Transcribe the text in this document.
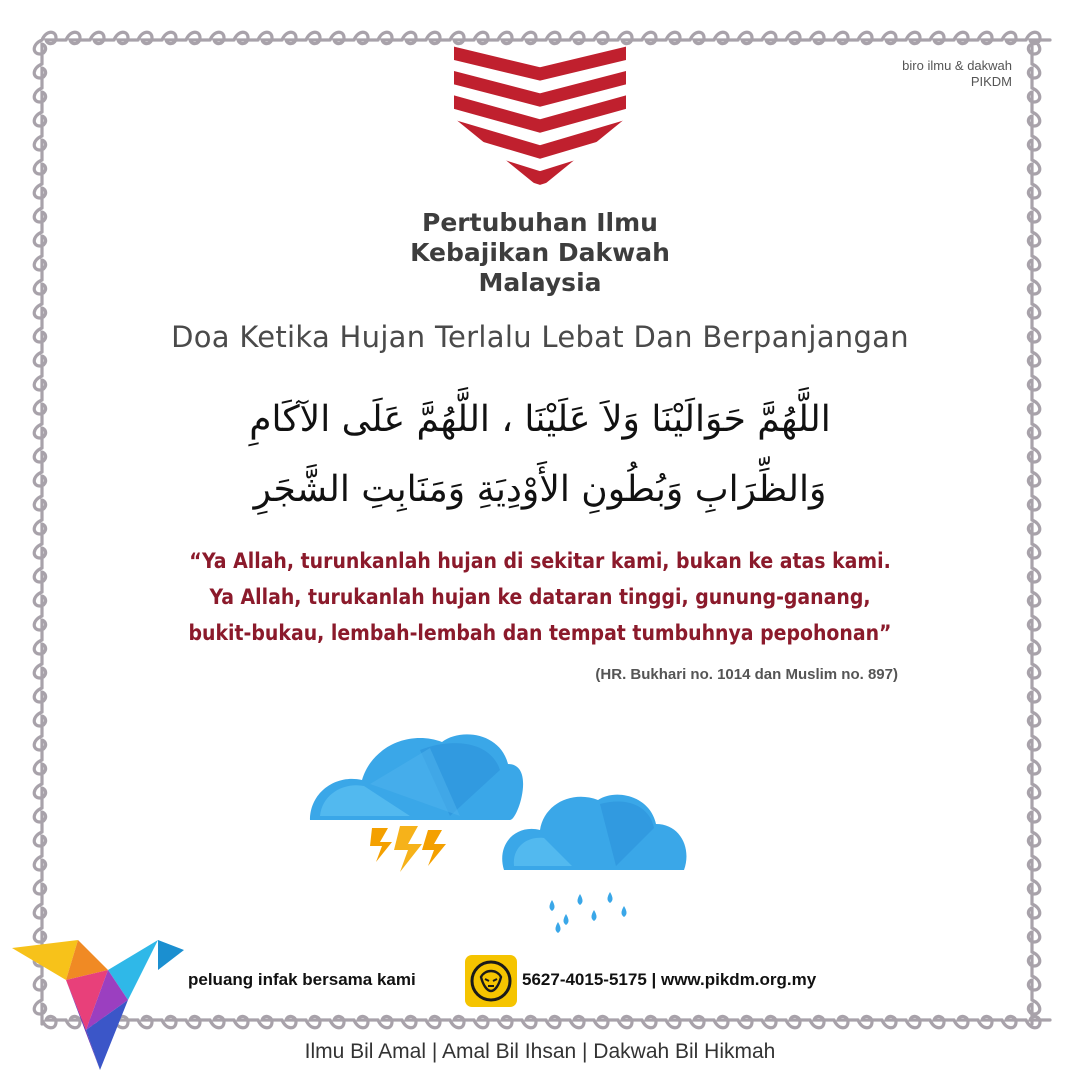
biro ilmu & dakwah
PIKDM
Pertubuhan Ilmu
Kebajikan Dakwah
Malaysia
Doa Ketika Hujan Terlalu Lebat Dan Berpanjangan
اللَّهُمَّ حَوَالَيْنَا وَلاَ عَلَيْنَا ، اللَّهُمَّ عَلَى الآكَامِ
وَالظِّرَابِ وَبُطُونِ الأَوْدِيَةِ وَمَنَابِتِ الشَّجَرِ
“Ya Allah, turunkanlah hujan di sekitar kami, bukan ke atas kami.
Ya Allah, turukanlah hujan ke dataran tinggi, gunung-ganang,
bukit-bukau, lembah-lembah dan tempat tumbuhnya pepohonan”
(HR. Bukhari no. 1014 dan Muslim no. 897)
peluang infak bersama kami	5627-4015-5175 | www.pikdm.org.my
Ilmu Bil Amal | Amal Bil Ihsan | Dakwah Bil Hikmah
